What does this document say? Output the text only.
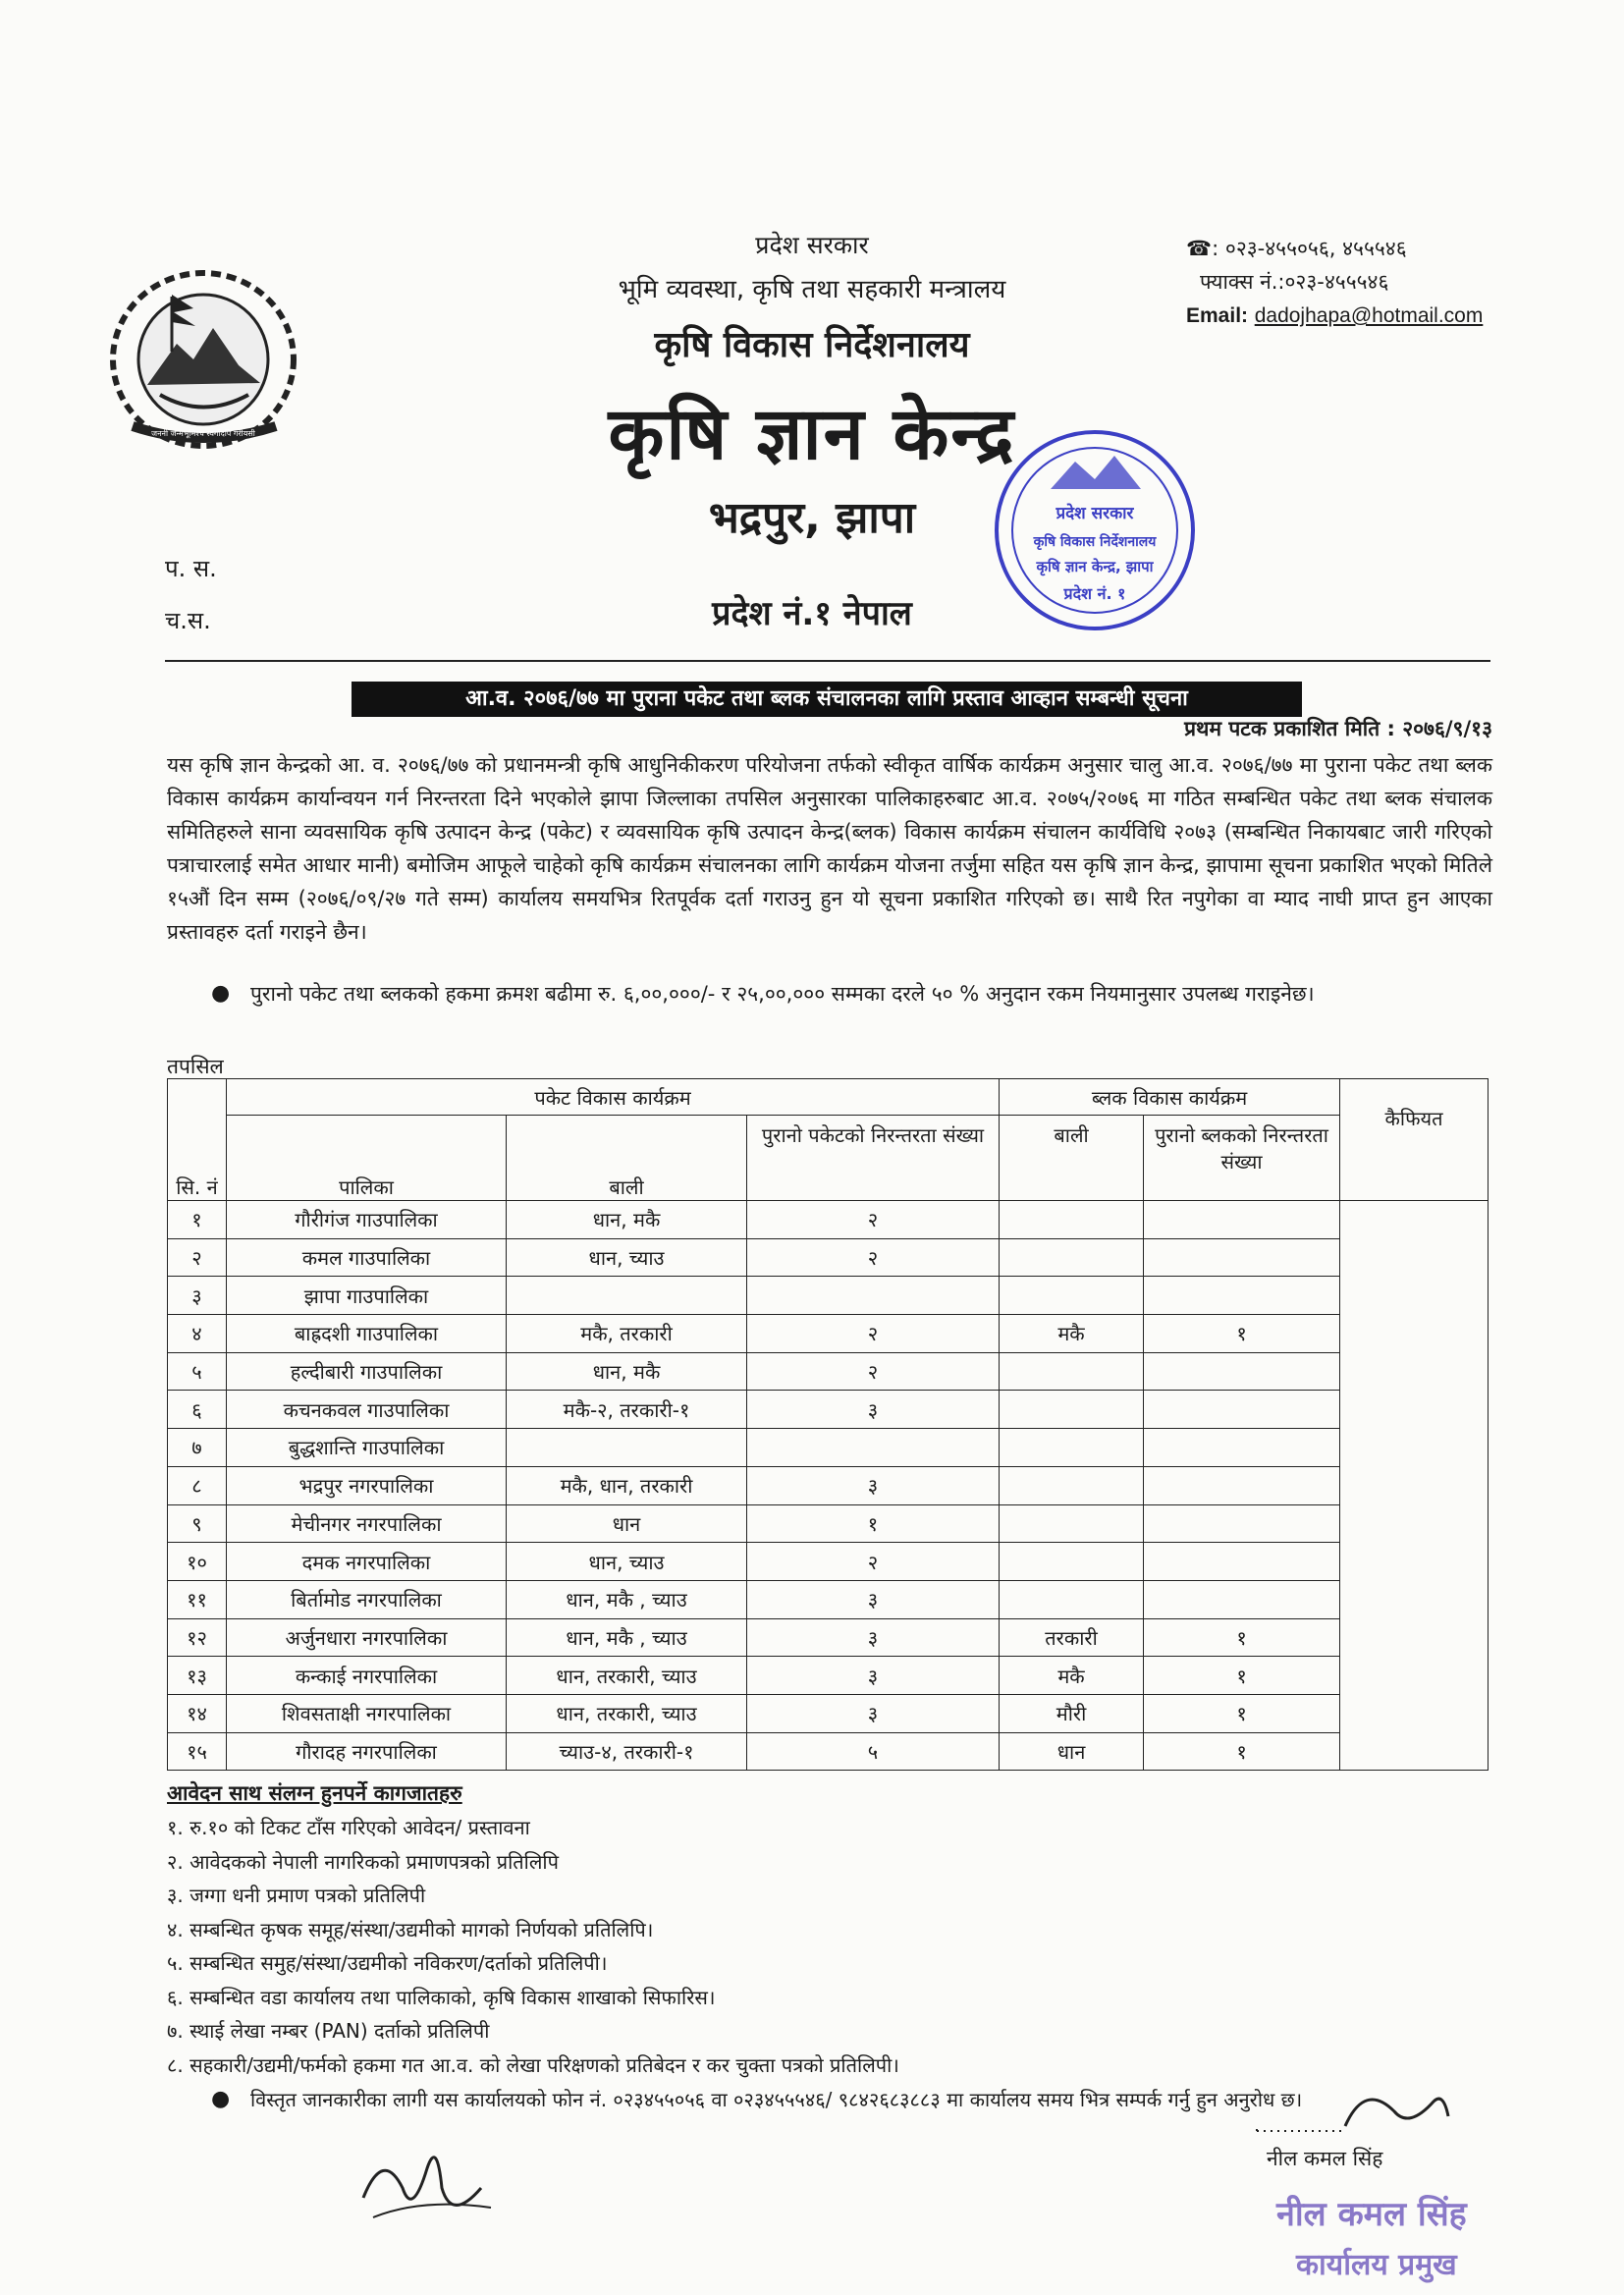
जननी जन्मभूमिश्च स्वर्गादपि गरीयसी
प्रदेश सरकार
भूमि व्यवस्था, कृषि तथा सहकारी मन्त्रालय
कृषि विकास निर्देशनालय
कृषि ज्ञान केन्द्र
भद्रपुर, झापा
प्रदेश नं.१ नेपाल
☎: ०२३-४५५०५६, ४५५५४६
फ्याक्स नं.:०२३-४५५५४६
Email: dadojhapa@hotmail.com
प. स.
च.स.
प्रदेश सरकार
कृषि विकास निर्देशनालय
कृषि ज्ञान केन्द्र, झापा
प्रदेश नं. १
आ.व. २०७६/७७ मा पुराना पकेट तथा ब्लक संचालनका लागि प्रस्ताव आव्हान सम्बन्धी सूचना
प्रथम पटक प्रकाशित मिति : २०७६/९/१३
यस कृषि ज्ञान केन्द्रको आ. व. २०७६/७७ को प्रधानमन्त्री कृषि आधुनिकीकरण परियोजना तर्फको स्वीकृत वार्षिक कार्यक्रम अनुसार चालु आ.व. २०७६/७७ मा पुराना पकेट तथा ब्लक विकास कार्यक्रम कार्यान्वयन गर्न निरन्तरता दिने भएकोले झापा जिल्लाका तपसिल अनुसारका पालिकाहरुबाट आ.व. २०७५/२०७६ मा गठित सम्बन्धित पकेट तथा ब्लक संचालक समितिहरुले साना व्यवसायिक कृषि उत्पादन केन्द्र (पकेट) र व्यवसायिक कृषि उत्पादन केन्द्र(ब्लक) विकास कार्यक्रम संचालन कार्यविधि २०७३ (सम्बन्धित निकायबाट जारी गरिएको पत्राचारलाई समेत आधार मानी) बमोजिम आफूले चाहेको कृषि कार्यक्रम संचालनका लागि कार्यक्रम योजना तर्जुमा सहित यस कृषि ज्ञान केन्द्र, झापामा सूचना प्रकाशित भएको मितिले १५औं दिन सम्म (२०७६/०९/२७ गते सम्म) कार्यालय समयभित्र रितपूर्वक दर्ता गराउनु हुन यो सूचना प्रकाशित गरिएको छ। साथै रित नपुगेका वा म्याद नाघी प्राप्त हुन आएका प्रस्तावहरु दर्ता गराइने छैन।
● पुरानो पकेट तथा ब्लकको हकमा क्रमश बढीमा रु. ६,००,०००/- र २५,००,००० सम्मका दरले ५० % अनुदान रकम नियमानुसार उपलब्ध गराइनेछ।
तपसिल
सि. नं	पकेट विकास कार्यक्रम			ब्लक विकास कार्यक्रम		कैफियत
	पालिका	बाली	पुरानो पकेटको निरन्तरता संख्या	बाली	पुरानो ब्लकको निरन्तरता संख्या	
१	गौरीगंज गाउपालिका	धान, मकै	२			
२	कमल गाउपालिका	धान, च्याउ	२			
३	झापा गाउपालिका					
४	बाह्रदशी गाउपालिका	मकै, तरकारी	२	मकै	१	
५	हल्दीबारी गाउपालिका	धान, मकै	२			
६	कचनकवल गाउपालिका	मकै-२, तरकारी-१	३			
७	बुद्धशान्ति गाउपालिका					
८	भद्रपुर नगरपालिका	मकै, धान, तरकारी	३			
९	मेचीनगर नगरपालिका	धान	१			
१०	दमक नगरपालिका	धान, च्याउ	२			
११	बिर्तामोड नगरपालिका	धान, मकै , च्याउ	३			
१२	अर्जुनधारा नगरपालिका	धान, मकै , च्याउ	३	तरकारी	१	
१३	कन्काई नगरपालिका	धान, तरकारी, च्याउ	३	मकै	१	
१४	शिवसताक्षी नगरपालिका	धान, तरकारी, च्याउ	३	मौरी	१	
१५	गौरादह नगरपालिका	च्याउ-४, तरकारी-१	५	धान	१	
आवेदन साथ संलग्न हुनपर्ने कागजातहरु
१. रु.१० को टिकट टाँस गरिएको आवेदन/ प्रस्तावना
२. आवेदकको नेपाली नागरिकको प्रमाणपत्रको प्रतिलिपि
३. जग्गा धनी प्रमाण पत्रको प्रतिलिपी
४. सम्बन्धित कृषक समूह/संस्था/उद्यमीको मागको निर्णयको प्रतिलिपि।
५. सम्बन्धित समुह/संस्था/उद्यमीको नविकरण/दर्ताको प्रतिलिपी।
६. सम्बन्धित वडा कार्यालय तथा पालिकाको, कृषि विकास शाखाको सिफारिस।
७. स्थाई लेखा नम्बर (PAN) दर्ताको प्रतिलिपी
८. सहकारी/उद्यमी/फर्मको हकमा गत आ.व. को लेखा परिक्षणको प्रतिबेदन र कर चुक्ता पत्रको प्रतिलिपी।
●	विस्तृत जानकारीका लागी यस कार्यालयको फोन नं. ०२३४५५०५६ वा ०२३४५५५४६/ ९८४२६८३८८३ मा कार्यालय समय भित्र सम्पर्क गर्नु हुन अनुरोध छ।
नील कमल सिंह
नील कमल सिंह
कार्यालय प्रमुख
